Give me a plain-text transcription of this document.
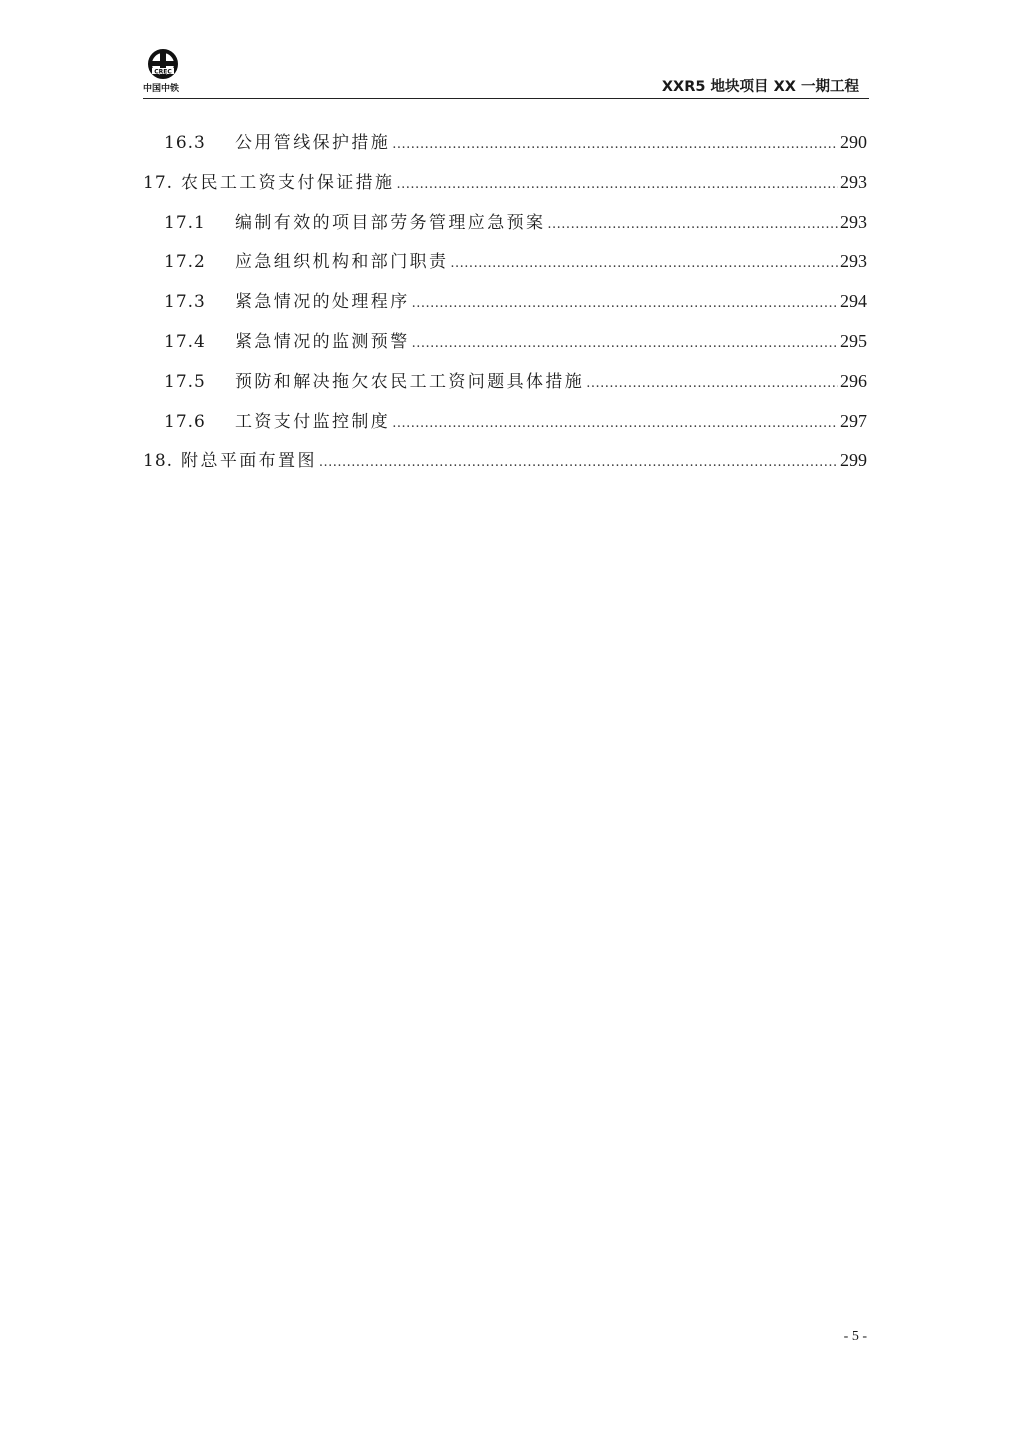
CREC
中国中铁	XXR5 地块项目 XX 一期工程
16.3	公用管线保护措施 .....	290
17. 农民工工资支付保证措施 .....	293
17.1	编制有效的项目部劳务管理应急预案 .....	293
17.2	应急组织机构和部门职责 .....	293
17.3	紧急情况的处理程序 .....	294
17.4	紧急情况的监测预警 .....	295
17.5	预防和解决拖欠农民工工资问题具体措施 .....	296
17.6	工资支付监控制度 .....	297
18. 附总平面布置图 .....	299
- 5 -
